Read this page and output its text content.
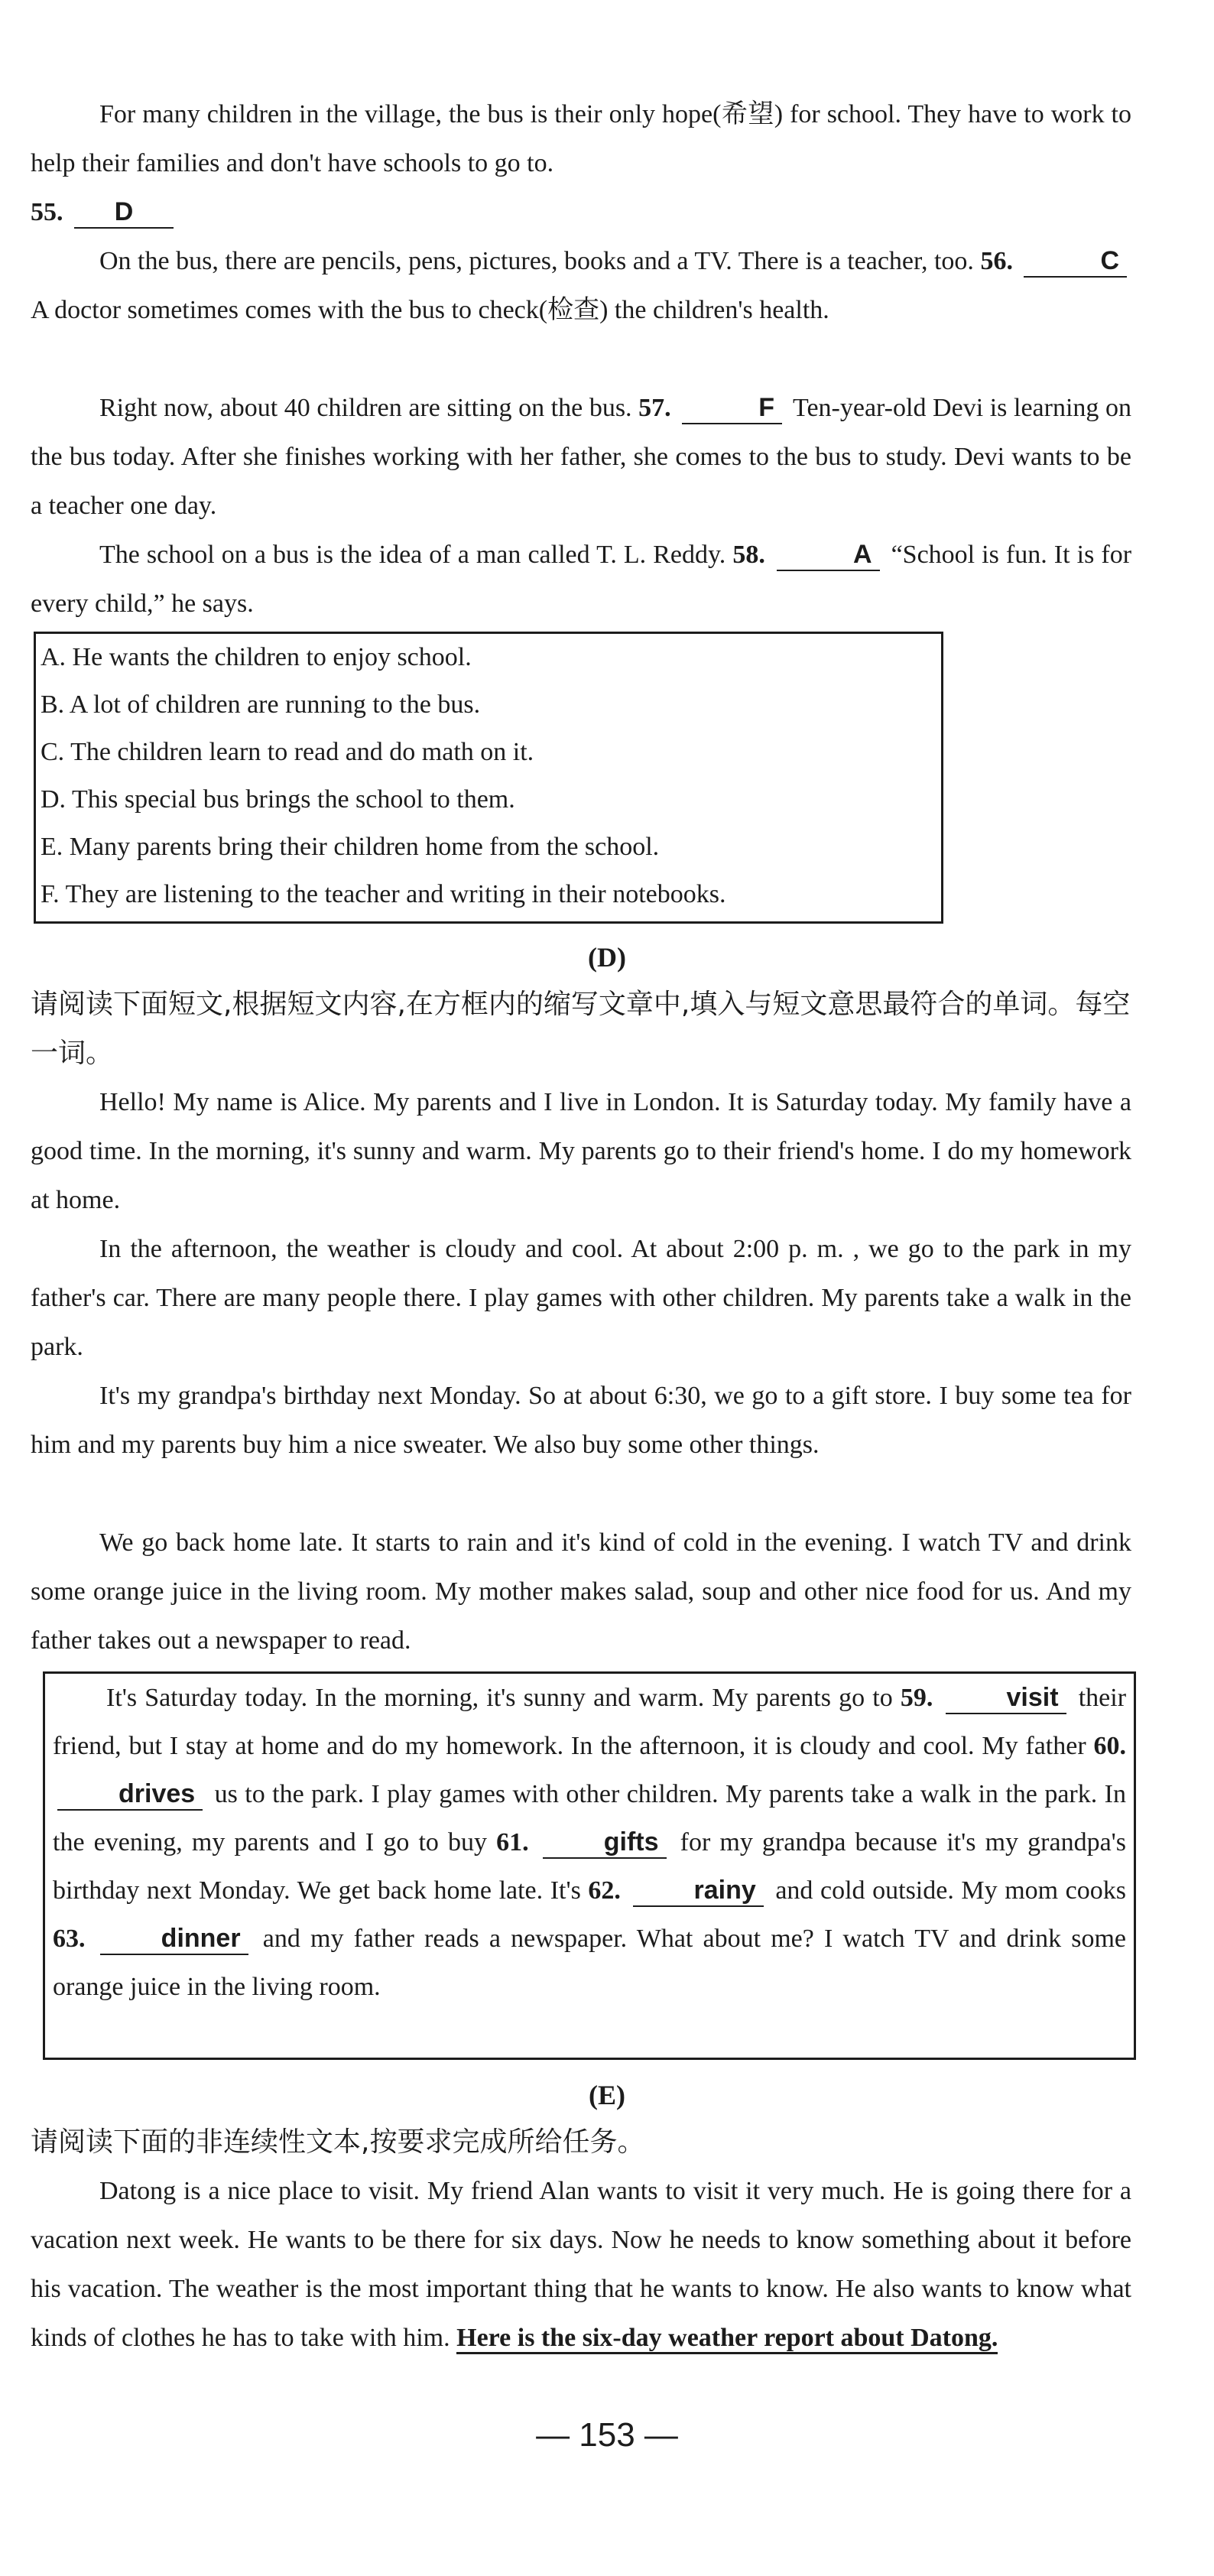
For many children in the village, the bus is their only hope(希望) for school. They have to work to help their families and don't have schools to go to.

55. D

On the bus, there are pencils, pens, pictures, books and a TV. There is a teacher, too. 56.	C A doctor sometimes comes with the bus to check(检查) the children's health.

Right now, about 40 children are sitting on the bus. 57.	F Ten-year-old Devi is learning on the bus today. After she finishes working with her father, she comes to the bus to study. Devi wants to be a teacher one day.

The school on a bus is the idea of a man called T. L. Reddy. 58.	A “School is fun. It is for every child,” he says.

A. He wants the children to enjoy school.
B. A lot of children are running to the bus.
C. The children learn to read and do math on it.
D. This special bus brings the school to them.
E. Many parents bring their children home from the school.
F. They are listening to the teacher and writing in their notebooks.
(D)
请阅读下面短文,根据短文内容,在方框内的缩写文章中,填入与短文意思最符合的单词。每空一词。

Hello! My name is Alice. My parents and I live in London. It is Saturday today. My family have a good time. In the morning, it's sunny and warm. My parents go to their friend's home. I do my homework at home.

In the afternoon, the weather is cloudy and cool. At about 2:00 p. m. , we go to the park in my father's car. There are many people there. I play games with other children. My parents take a walk in the park.

It's my grandpa's birthday next Monday. So at about 6:30, we go to a gift store. I buy some tea for him and my parents buy him a nice sweater. We also buy some other things.

We go back home late. It starts to rain and it's kind of cold in the evening. I watch TV and drink some orange juice in the living room. My mother makes salad, soup and other nice food for us. And my father takes out a newspaper to read.

It's Saturday today. In the morning, it's sunny and warm. My parents go to 59.	visit their friend, but I stay at home and do my homework. In the afternoon, it is cloudy and cool. My father 60. drives us to the park. I play games with other children. My parents take a walk in the park. In the evening, my parents and I go to buy 61.	gifts for my grandpa because it's my grandpa's birthday next Monday. We get back home late. It's 62.	rainy and cold outside. My mom cooks 63.	dinner and my father reads a newspaper. What about me? I watch TV and drink some orange juice in the living room.

(E)
请阅读下面的非连续性文本,按要求完成所给任务。

Datong is a nice place to visit. My friend Alan wants to visit it very much. He is going there for a vacation next week. He wants to be there for six days. Now he needs to know something about it before his vacation. The weather is the most important thing that he wants to know. He also wants to know what kinds of clothes he has to take with him. Here is the six-day weather report about Datong.

— 153 —
